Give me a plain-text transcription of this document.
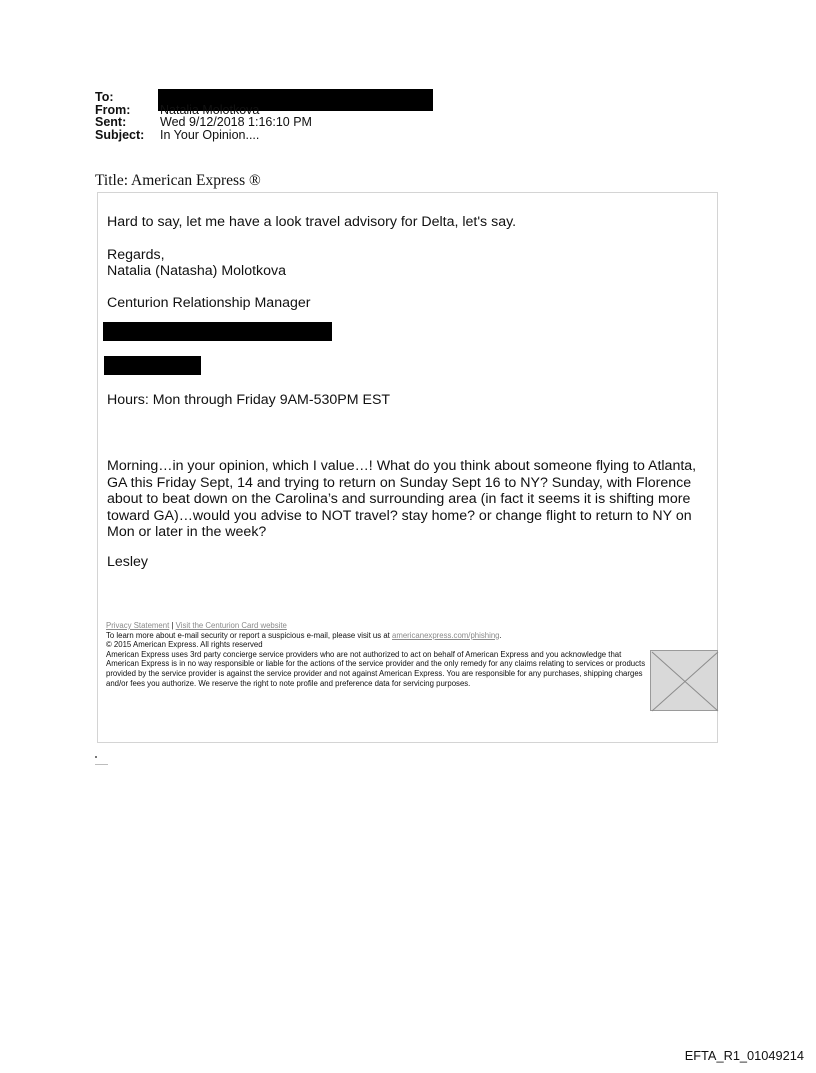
To:
From: Natalia Molotkova
Sent:	Wed 9/12/2018 1:16:10 PM
Subject: In Your Opinion....
Title: American Express ®
Hard to say, let me have a look travel advisory for Delta, let's say.
Regards,
Natalia (Natasha) Molotkova
Centurion Relationship Manager
Hours: Mon through Friday 9AM-530PM EST
Morning…in your opinion, which I value…! What do you think about someone flying to Atlanta, GA this Friday Sept, 14 and trying to return on Sunday Sept 16 to NY? Sunday, with Florence about to beat down on the Carolina’s and surrounding area (in fact it seems it is shifting more toward GA)…would you advise to NOT travel? stay home? or change flight to return to NY on Mon or later in the week?
Lesley

Privacy Statement | Visit the Centurion Card website

To learn more about e-mail security or report a suspicious e-mail, please visit us at americanexpress.com/phishing.

© 2015 American Express. All rights reserved

American Express uses 3rd party concierge service providers who are not authorized to act on behalf of American Express and you acknowledge that American Express is in no way responsible or liable for the actions of the service provider and the only remedy for any claims relating to services or products provided by the service provider is against the service provider and not against American Express. You are responsible for any purchases, shipping charges and/or fees you authorize. We reserve the right to note profile and preference data for servicing purposes.

EFTA_R1_01049214
